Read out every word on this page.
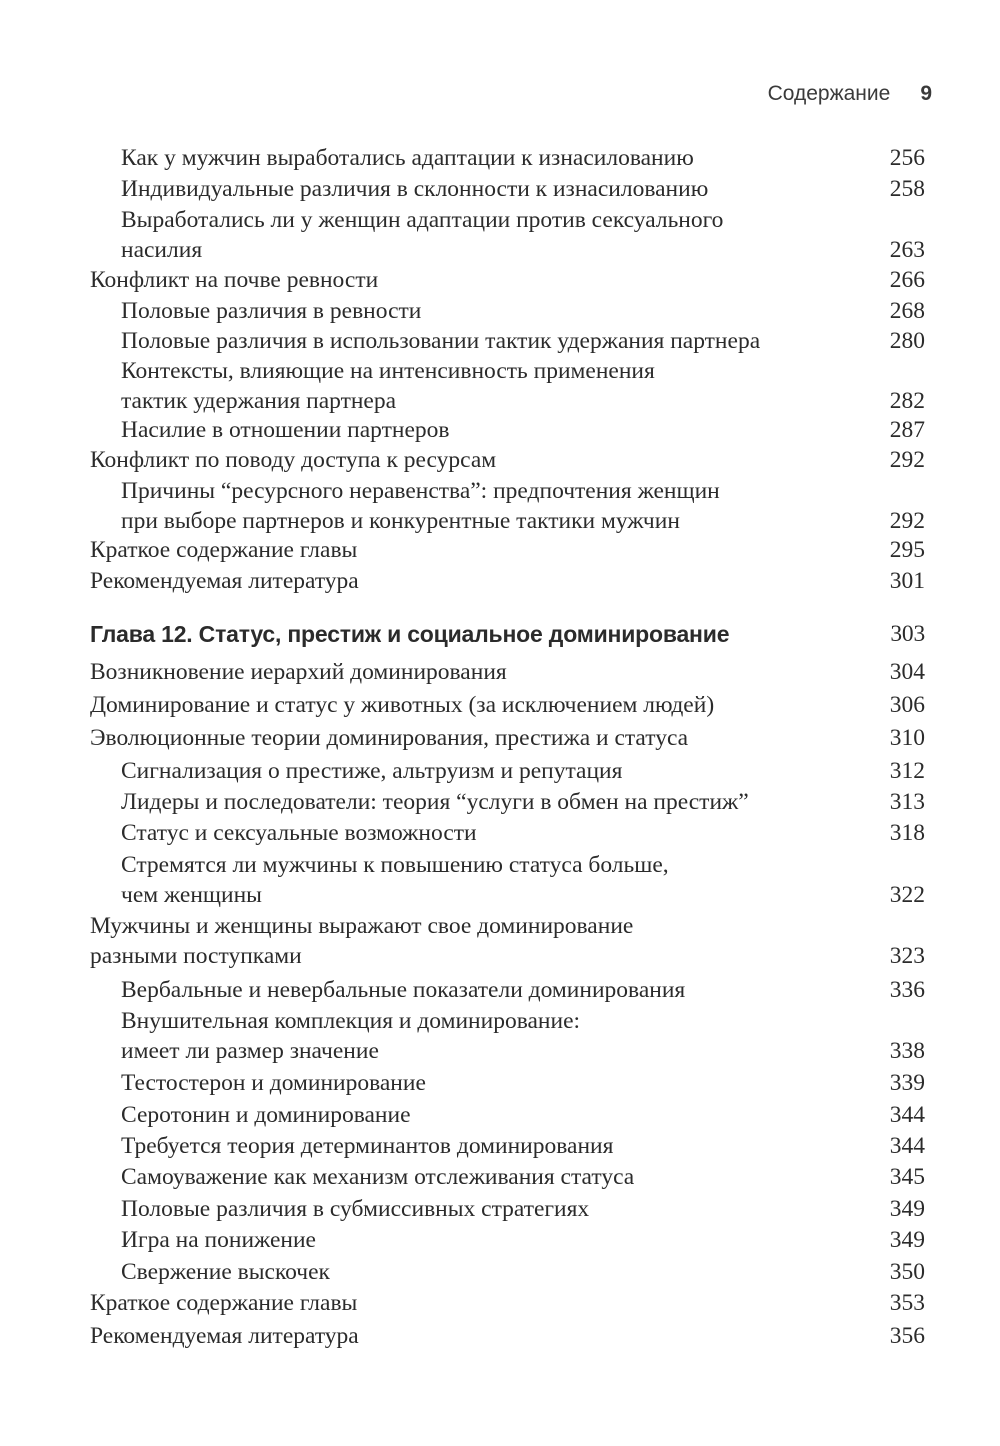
Содержание 9
Как у мужчин выработались адаптации к изнасилованию	256
Индивидуальные различия в склонности к изнасилованию	258
Выработались ли у женщин адаптации против сексуального
насилия	263
Конфликт на почве ревности	266
Половые различия в ревности	268
Половые различия в использовании тактик удержания партнера	280
Контексты, влияющие на интенсивность применения
тактик удержания партнера	282
Насилие в отношении партнеров	287
Конфликт по поводу доступа к ресурсам	292
Причины “ресурсного неравенства”: предпочтения женщин
при выборе партнеров и конкурентные тактики мужчин	292
Краткое содержание главы	295
Рекомендуемая литература	301
Глава 12. Статус, престиж и социальное доминирование	303
Возникновение иерархий доминирования	304
Доминирование и статус у животных (за исключением людей)	306
Эволюционные теории доминирования, престижа и статуса	310
Сигнализация о престиже, альтруизм и репутация	312
Лидеры и последователи: теория “услуги в обмен на престиж”	313
Статус и сексуальные возможности	318
Стремятся ли мужчины к повышению статуса больше,
чем женщины	322
Мужчины и женщины выражают свое доминирование
разными поступками	323
Вербальные и невербальные показатели доминирования	336
Внушительная комплекция и доминирование:
имеет ли размер значение	338
Тестостерон и доминирование	339
Серотонин и доминирование	344
Требуется теория детерминантов доминирования	344
Самоуважение как механизм отслеживания статуса	345
Половые различия в субмиссивных стратегиях	349
Игра на понижение	349
Свержение выскочек	350
Краткое содержание главы	353
Рекомендуемая литература	356
